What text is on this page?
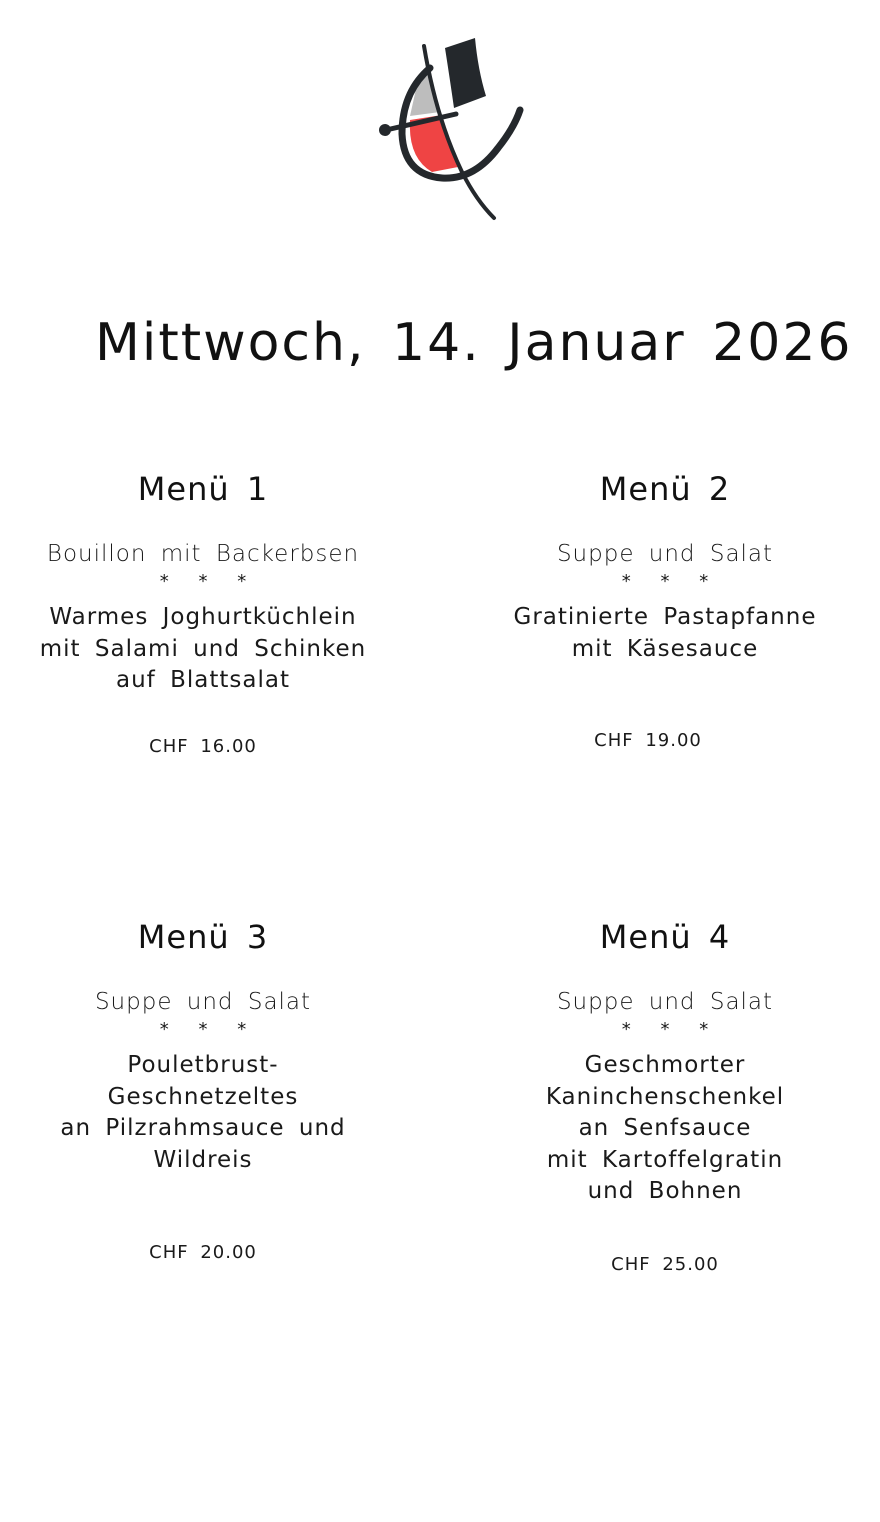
Mittwoch, 14. Januar 2026
Menü 1
Bouillon mit Backerbsen
* * *
Warmes Joghurtküchlein
mit Salami und Schinken
auf Blattsalat
CHF 16.00
Menü 2
Suppe und Salat
* * *
Gratinierte Pastapfanne
mit Käsesauce
CHF 19.00
Menü 3
Suppe und Salat
* * *
Pouletbrust-
Geschnetzeltes
an Pilzrahmsauce und
Wildreis
CHF 20.00
Menü 4
Suppe und Salat
* * *
Geschmorter
Kaninchenschenkel
an Senfsauce
mit Kartoffelgratin
und Bohnen
CHF 25.00
